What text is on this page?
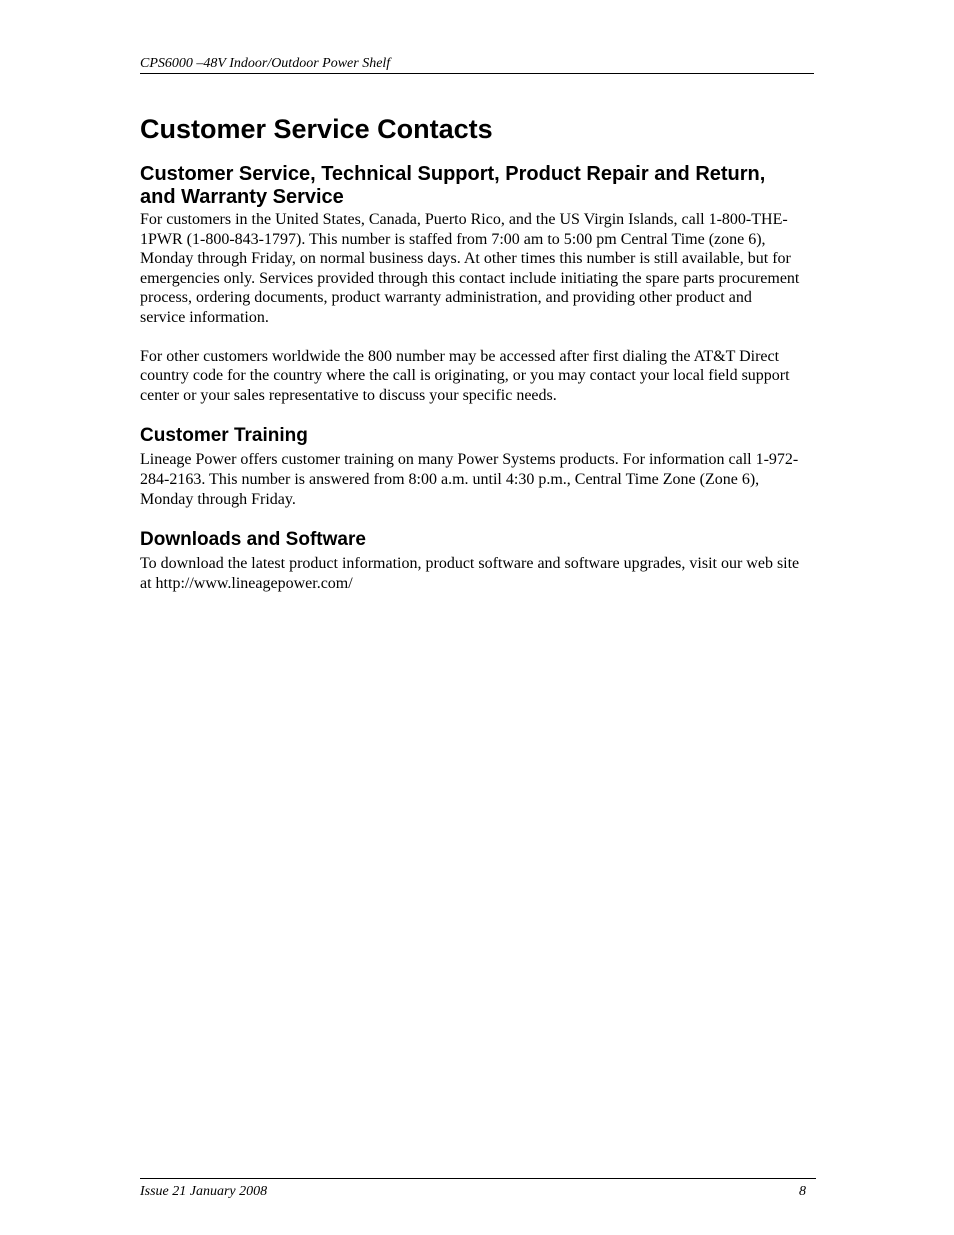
CPS6000 –48V Indoor/Outdoor Power Shelf
Customer Service Contacts
Customer Service, Technical Support, Product Repair and Return, and Warranty Service

For customers in the United States, Canada, Puerto Rico, and the US Virgin Islands, call 1-800-THE-1PWR (1-800-843-1797). This number is staffed from 7:00 am to 5:00 pm Central Time (zone 6), Monday through Friday, on normal business days. At other times this number is still available, but for emergencies only. Services provided through this contact include initiating the spare parts procurement process, ordering documents, product warranty administration, and providing other product and service information.

For other customers worldwide the 800 number may be accessed after first dialing the AT&T Direct country code for the country where the call is originating, or you may contact your local field support center or your sales representative to discuss your specific needs.

Customer Training

Lineage Power offers customer training on many Power Systems products. For information call 1-972-284-2163. This number is answered from 8:00 a.m. until 4:30 p.m., Central Time Zone (Zone 6), Monday through Friday.

Downloads and Software

To download the latest product information, product software and software upgrades, visit our web site at http://www.lineagepower.com/

Issue 21 January 2008	8
